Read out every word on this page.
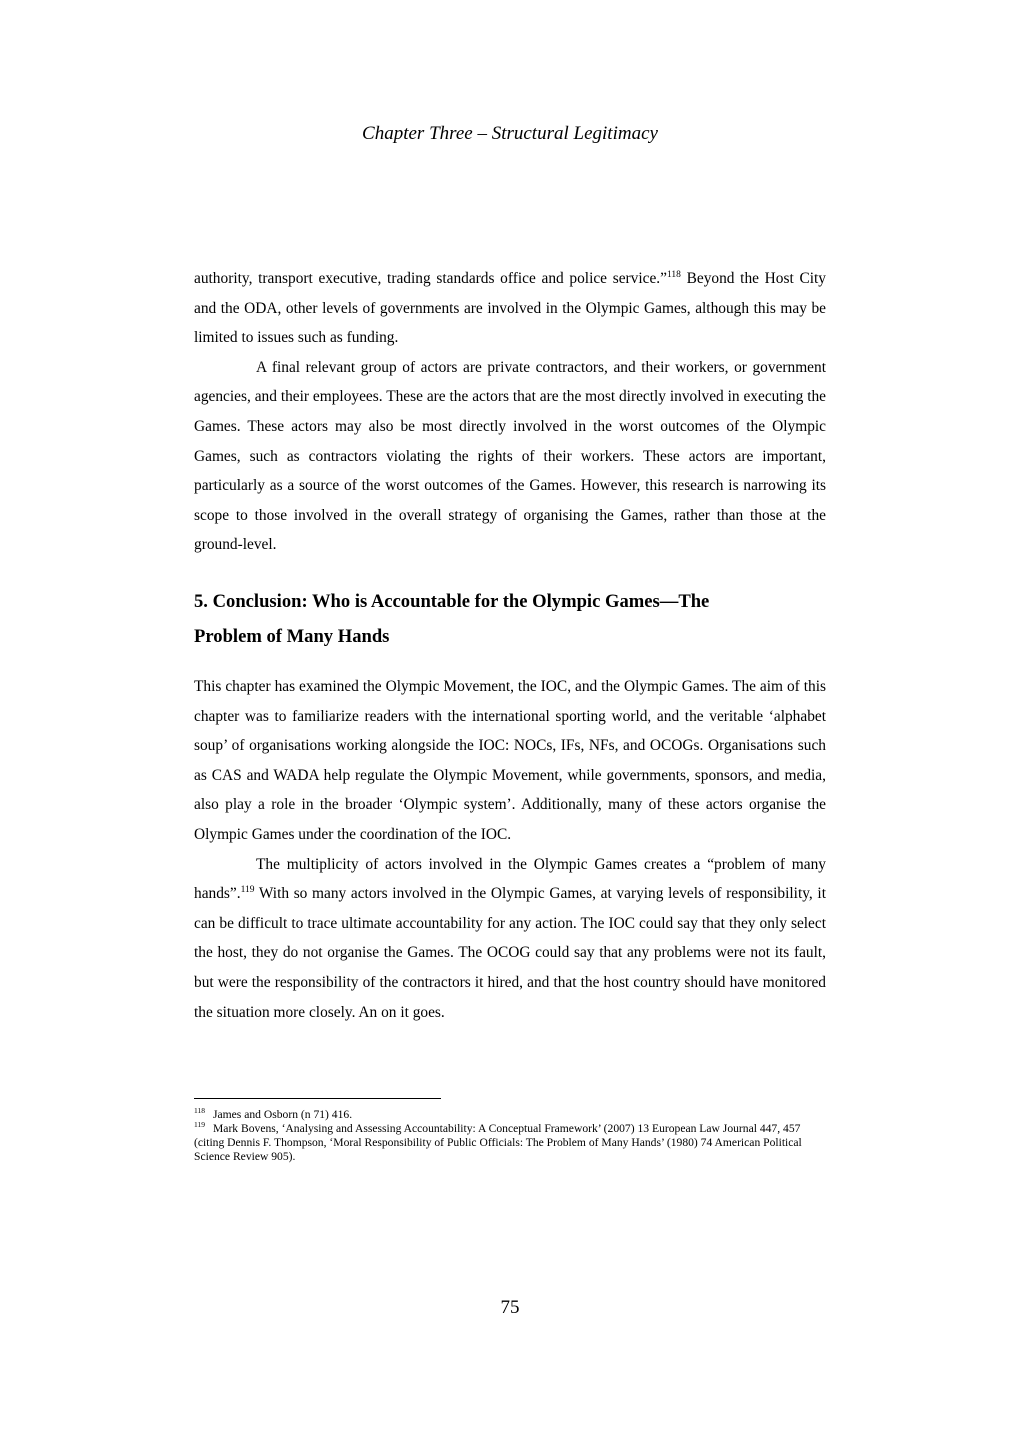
Chapter Three – Structural Legitimacy

authority, transport executive, trading standards office and police service.”$^{118}$ Beyond the Host City and the ODA, other levels of governments are involved in the Olympic Games, although this may be limited to issues such as funding.

A final relevant group of actors are private contractors, and their workers, or government agencies, and their employees. These are the actors that are the most directly involved in executing the Games. These actors may also be most directly involved in the worst outcomes of the Olympic Games, such as contractors violating the rights of their workers. These actors are important, particularly as a source of the worst outcomes of the Games. However, this research is narrowing its scope to those involved in the overall strategy of organising the Games, rather than those at the ground-level.

5. Conclusion: Who is Accountable for the Olympic Games—The
Problem of Many Hands

This chapter has examined the Olympic Movement, the IOC, and the Olympic Games. The aim of this chapter was to familiarize readers with the international sporting world, and the veritable ‘alphabet soup’ of organisations working alongside the IOC: NOCs, IFs, NFs, and OCOGs. Organisations such as CAS and WADA help regulate the Olympic Movement, while governments, sponsors, and media, also play a role in the broader ‘Olympic system’. Additionally, many of these actors organise the Olympic Games under the coordination of the IOC.

The multiplicity of actors involved in the Olympic Games creates a “problem of many hands”.$^{119}$ With so many actors involved in the Olympic Games, at varying levels of responsibility, it can be difficult to trace ultimate accountability for any action. The IOC could say that they only select the host, they do not organise the Games. The OCOG could say that any problems were not its fault, but were the responsibility of the contractors it hired, and that the host country should have monitored the situation more closely. An on it goes.

$^{118}$ James and Osborn (n 71) 416.

$^{119}$ Mark Bovens, ‘Analysing and Assessing Accountability: A Conceptual Framework’ (2007) 13 European Law Journal 447, 457 (citing Dennis F. Thompson, ‘Moral Responsibility of Public Officials: The Problem of Many Hands’ (1980) 74 American Political Science Review 905).

75
